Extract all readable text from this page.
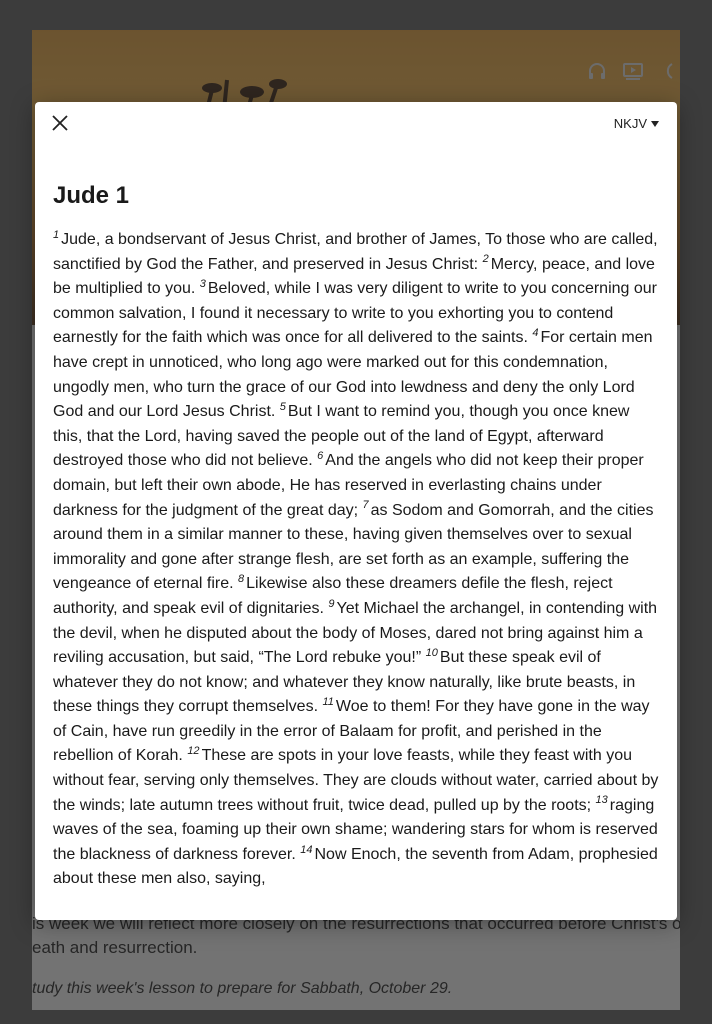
NKJV
Jude 1
$^1$ Jude, a bondservant of Jesus Christ, and brother of James, To those who are called, sanctified by God the Father, and preserved in Jesus Christ: $^2$ Mercy, peace, and love be multiplied to you. $^3$ Beloved, while I was very diligent to write to you concerning our common salvation, I found it necessary to write to you exhorting you to contend earnestly for the faith which was once for all delivered to the saints. $^4$ For certain men have crept in unnoticed, who long ago were marked out for this condemnation, ungodly men, who turn the grace of our God into lewdness and deny the only Lord God and our Lord Jesus Christ. $^5$ But I want to remind you, though you once knew this, that the Lord, having saved the people out of the land of Egypt, afterward destroyed those who did not believe. $^6$ And the angels who did not keep their proper domain, but left their own abode, He has reserved in everlasting chains under darkness for the judgment of the great day; $^7$ as Sodom and Gomorrah, and the cities around them in a similar manner to these, having given themselves over to sexual immorality and gone after strange flesh, are set forth as an example, suffering the vengeance of eternal fire. $^8$ Likewise also these dreamers defile the flesh, reject authority, and speak evil of dignitaries. $^9$ Yet Michael the archangel, in contending with the devil, when he disputed about the body of Moses, dared not bring against him a reviling accusation, but said, “The Lord rebuke you!” $^{10}$ But these speak evil of whatever they do not know; and whatever they know naturally, like brute beasts, in these things they corrupt themselves. $^{11}$ Woe to them! For they have gone in the way of Cain, have run greedily in the error of Balaam for profit, and perished in the rebellion of Korah. $^{12}$ These are spots in your love feasts, while they feast with you without fear, serving only themselves. They are clouds without water, carried about by the winds; late autumn trees without fruit, twice dead, pulled up by the roots; $^{13}$ raging waves of the sea, foaming up their own shame; wandering stars for whom is reserved the blackness of darkness forever. $^{14}$ Now Enoch, the seventh from Adam, prophesied about these men also, saying,
